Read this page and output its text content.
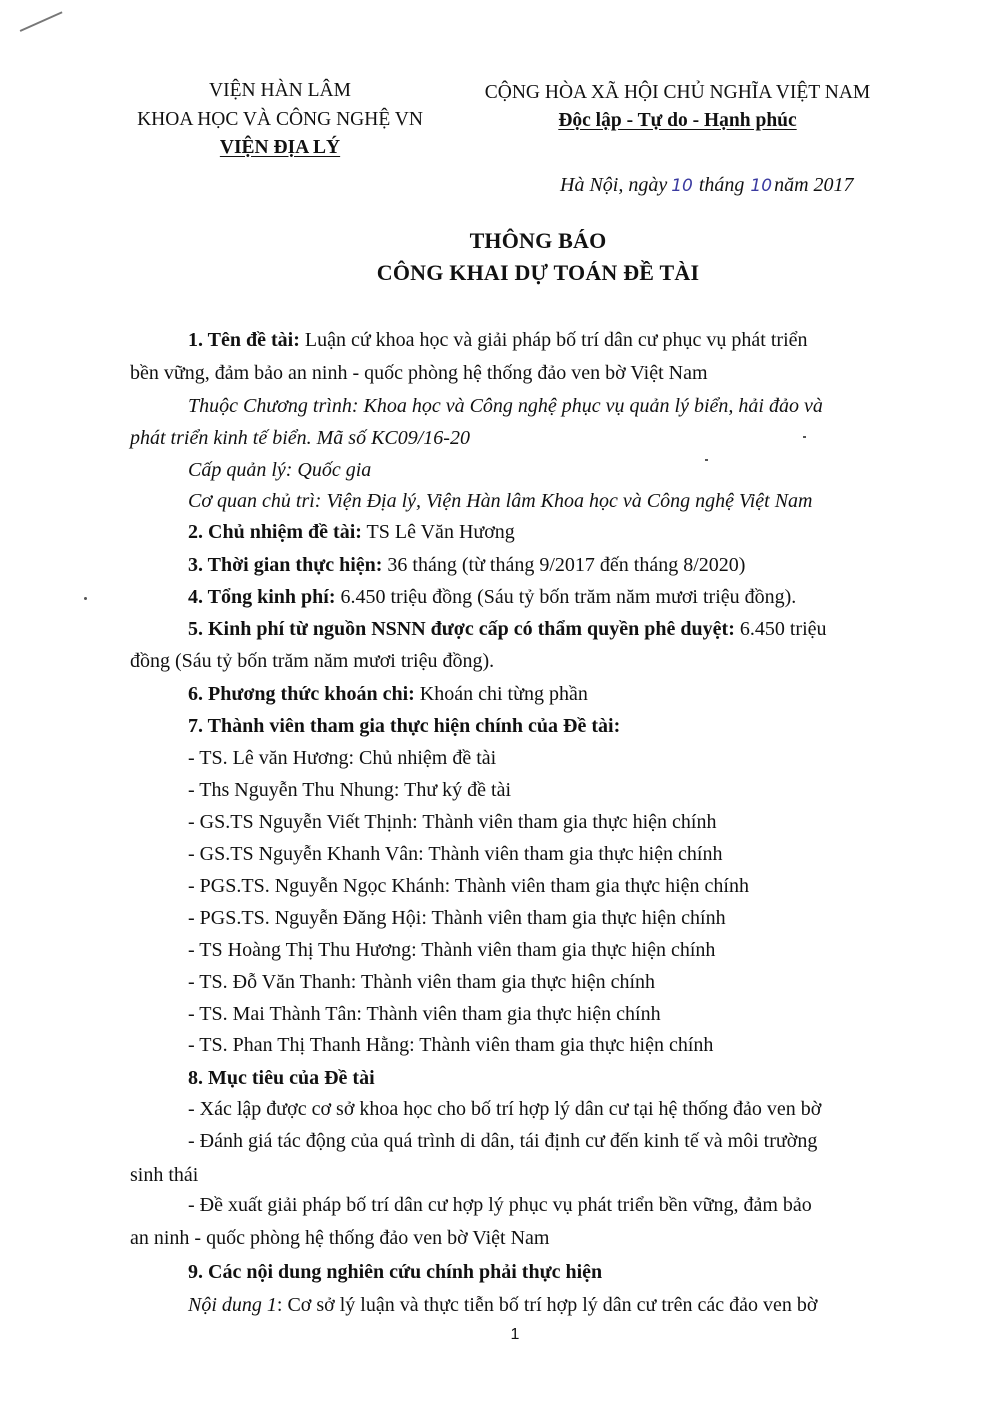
VIỆN HÀN LÂM
KHOA HỌC VÀ CÔNG NGHỆ VN
VIỆN ĐỊA LÝ
CỘNG HÒA XÃ HỘI CHỦ NGHĨA VIỆT NAM
Độc lập - Tự do - Hạnh phúc
Hà Nội, ngày 10 tháng 10 năm 2017
THÔNG BÁO
CÔNG KHAI DỰ TOÁN ĐỀ TÀI
1. Tên đề tài: Luận cứ khoa học và giải pháp bố trí dân cư phục vụ phát triển
bền vững, đảm bảo an ninh - quốc phòng hệ thống đảo ven bờ Việt Nam
Thuộc Chương trình: Khoa học và Công nghệ phục vụ quản lý biển, hải đảo và
phát triển kinh tế biển. Mã số KC09/16-20
Cấp quản lý: Quốc gia
Cơ quan chủ trì: Viện Địa lý, Viện Hàn lâm Khoa học và Công nghệ Việt Nam
2. Chủ nhiệm đề tài: TS Lê Văn Hương
3. Thời gian thực hiện: 36 tháng (từ tháng 9/2017 đến tháng 8/2020)
4. Tổng kinh phí: 6.450 triệu đồng (Sáu tỷ bốn trăm năm mươi triệu đồng).
5. Kinh phí từ nguồn NSNN được cấp có thẩm quyền phê duyệt: 6.450 triệu
đồng (Sáu tỷ bốn trăm năm mươi triệu đồng).
6. Phương thức khoán chi: Khoán chi từng phần
7. Thành viên tham gia thực hiện chính của Đề tài:
- TS. Lê văn Hương: Chủ nhiệm đề tài
- Ths Nguyễn Thu Nhung: Thư ký đề tài
- GS.TS Nguyễn Viết Thịnh: Thành viên tham gia thực hiện chính
- GS.TS Nguyễn Khanh Vân: Thành viên tham gia thực hiện chính
- PGS.TS. Nguyễn Ngọc Khánh: Thành viên tham gia thực hiện chính
- PGS.TS. Nguyễn Đăng Hội: Thành viên tham gia thực hiện chính
- TS Hoàng Thị Thu Hương: Thành viên tham gia thực hiện chính
- TS. Đỗ Văn Thanh: Thành viên tham gia thực hiện chính
- TS. Mai Thành Tân: Thành viên tham gia thực hiện chính
- TS. Phan Thị Thanh Hằng: Thành viên tham gia thực hiện chính
8. Mục tiêu của Đề tài
- Xác lập được cơ sở khoa học cho bố trí hợp lý dân cư tại hệ thống đảo ven bờ
- Đánh giá tác động của quá trình di dân, tái định cư đến kinh tế và môi trường
sinh thái
- Đề xuất giải pháp bố trí dân cư hợp lý phục vụ phát triển bền vững, đảm bảo
an ninh - quốc phòng hệ thống đảo ven bờ Việt Nam
9. Các nội dung nghiên cứu chính phải thực hiện
Nội dung 1: Cơ sở lý luận và thực tiễn bố trí hợp lý dân cư trên các đảo ven bờ
1
